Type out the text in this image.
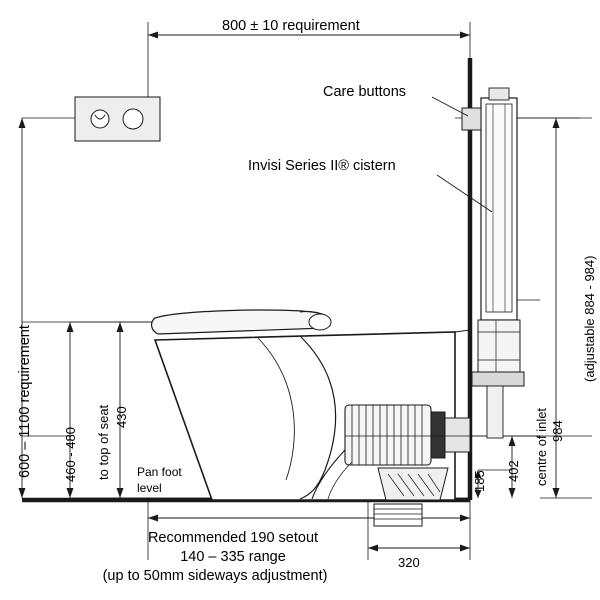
800 ± 10 requirement
600 – 1100 requirement 460 - 480 to top of seat 430
984
(adjustable 884 - 984)
402 centre of inlet
185
320
Care buttons
Invisi Series II® cistern
Pan foot
level
Recommended 190 setout
140 – 335 range
(up to 50mm sideways adjustment)
